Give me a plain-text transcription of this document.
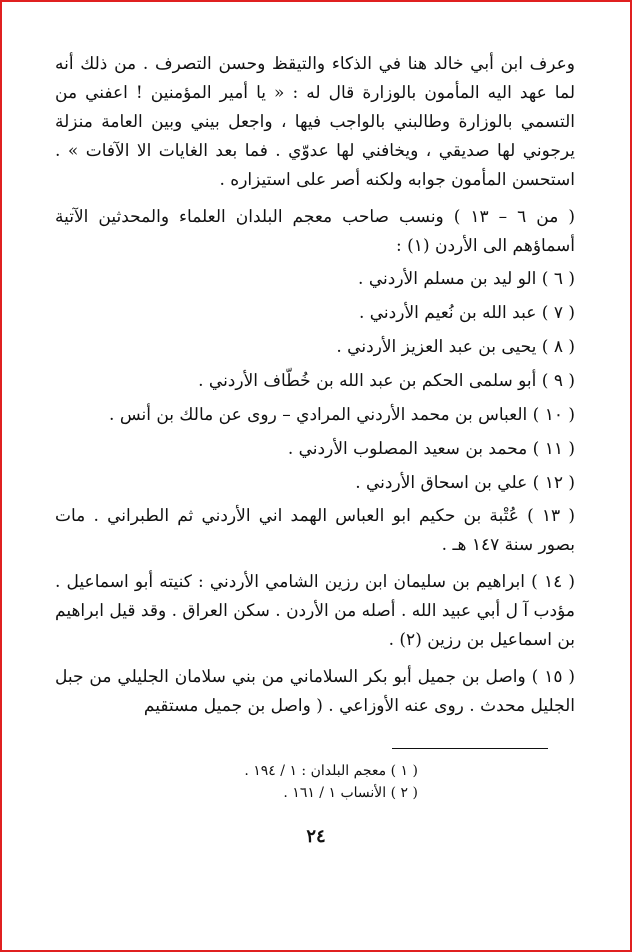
وعرف ابن أبي خالد هنا في الذكاء والتيقظ وحسن التصرف . من ذلك أنه لما عهد اليه المأمون بالوزارة قال له : « يا أمير المؤمنين ! اعفني من التسمي بالوزارة وطالبني بالواجب فيها ، واجعل بيني وبين العامة منزلة يرجوني لها صديقي ، ويخافني لها عدوّي . فما بعد الغايات الا الآفات » . استحسن المأمون جوابه ولكنه أصر على استيزاره .

( من ٦ – ١٣ ) ونسب صاحب معجم البلدان العلماء والمحدثين الآتية أسماؤهم الى الأردن (١) :

( ٦ ) الو ليد بن مسلم الأردني .

( ٧ ) عبد الله بن نُعيم الأردني .

( ٨ ) يحيى بن عبد العزيز الأردني .

( ٩ ) أبو سلمى الحكم بن عبد الله بن خُطّاف الأردني .

( ١٠ ) العباس بن محمد الأردني المرادي – روى عن مالك بن أنس .

( ١١ ) محمد بن سعيد المصلوب الأردني .

( ١٢ ) علي بن اسحاق الأردني .

( ١٣ ) عُتْبة بن حكيم ابو العباس الهمد اني الأردني ثم الطبراني . مات بصور سنة ١٤٧ هـ .

( ١٤ ) ابراهيم بن سليمان ابن رزين الشامي الأردني : كنيته أبو اسماعيل . مؤدب آ ل أبي عبيد الله . أصله من الأردن . سكن العراق . وقد قيل ابراهيم بن اسماعيل بن رزين (٢) .

( ١٥ ) واصل بن جميل أبو بكر السلاماني من بني سلامان الجليلي من جبل الجليل محدث . روى عنه الأوزاعي . ( واصل بن جميل مستقيم

( ١ ) معجم البلدان : ١ / ١٩٤ .
( ٢ ) الأنساب ١ / ١٦١ .
٢٤
